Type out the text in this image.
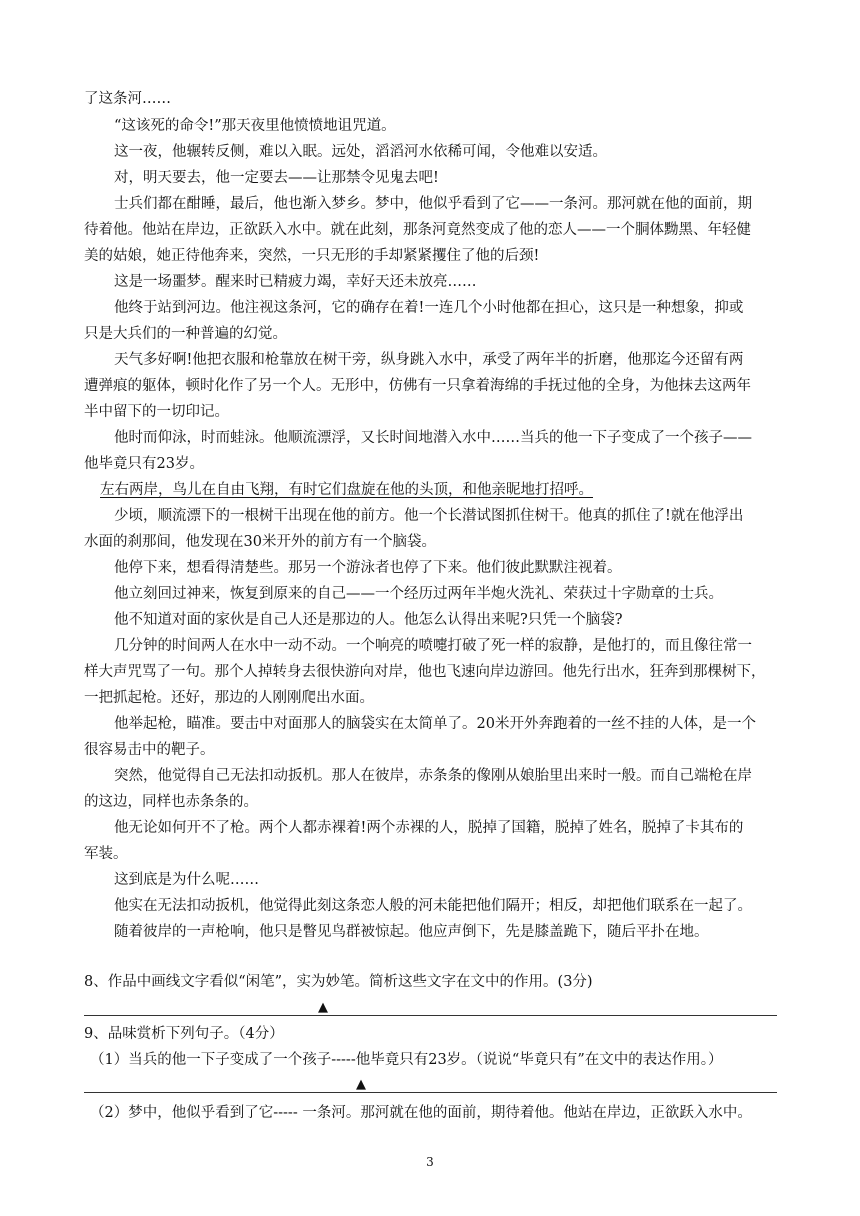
了这条河……
“这该死的命令!”那天夜里他愤愤地诅咒道。
这一夜，他辗转反侧，难以入眠。远处，滔滔河水依稀可闻，令他难以安适。
对，明天要去，他一定要去——让那禁令见鬼去吧!
士兵们都在酣睡，最后，他也渐入梦乡。梦中，他似乎看到了它——一条河。那河就在他的面前，期
待着他。他站在岸边，正欲跃入水中。就在此刻，那条河竟然变成了他的恋人——一个胴体黝黑、年轻健
美的姑娘，她正待他奔来，突然，一只无形的手却紧紧攫住了他的后颈!
这是一场噩梦。醒来时已精疲力竭，幸好天还未放亮……
他终于站到河边。他注视这条河，它的确存在着!一连几个小时他都在担心，这只是一种想象，抑或
只是大兵们的一种普遍的幻觉。
天气多好啊!他把衣服和枪靠放在树干旁，纵身跳入水中，承受了两年半的折磨，他那迄今还留有两
遭弹痕的躯体，顿时化作了另一个人。无形中，仿佛有一只拿着海绵的手抚过他的全身，为他抹去这两年
半中留下的一切印记。
他时而仰泳，时而蛙泳。他顺流漂浮，又长时间地潜入水中……当兵的他一下子变成了一个孩子——
他毕竟只有23岁。
左右两岸，鸟儿在自由飞翔，有时它们盘旋在他的头顶，和他亲昵地打招呼。
少顷，顺流漂下的一根树干出现在他的前方。他一个长潜试图抓住树干。他真的抓住了!就在他浮出
水面的刹那间，他发现在30米开外的前方有一个脑袋。
他停下来，想看得清楚些。那另一个游泳者也停了下来。他们彼此默默注视着。
他立刻回过神来，恢复到原来的自己——一个经历过两年半炮火洗礼、荣获过十字勋章的士兵。
他不知道对面的家伙是自己人还是那边的人。他怎么认得出来呢?只凭一个脑袋?
几分钟的时间两人在水中一动不动。一个响亮的喷嚏打破了死一样的寂静，是他打的，而且像往常一
样大声咒骂了一句。那个人掉转身去很快游向对岸，他也飞速向岸边游回。他先行出水，狂奔到那棵树下，
一把抓起枪。还好，那边的人刚刚爬出水面。
他举起枪，瞄准。要击中对面那人的脑袋实在太简单了。20米开外奔跑着的一丝不挂的人体，是一个
很容易击中的靶子。
突然，他觉得自己无法扣动扳机。那人在彼岸，赤条条的像刚从娘胎里出来时一般。而自己端枪在岸
的这边，同样也赤条条的。
他无论如何开不了枪。两个人都赤裸着!两个赤裸的人，脱掉了国籍，脱掉了姓名，脱掉了卡其布的
军装。
这到底是为什么呢……
他实在无法扣动扳机，他觉得此刻这条恋人般的河未能把他们隔开；相反，却把他们联系在一起了。
随着彼岸的一声枪响，他只是瞥见鸟群被惊起。他应声倒下，先是膝盖跪下，随后平扑在地。
8、作品中画线文字看似“闲笔”，实为妙笔。简析这些文字在文中的作用。(3分)
▲
9、品味赏析下列句子。（4分）
（1）当兵的他一下子变成了一个孩子-----他毕竟只有23岁。（说说“毕竟只有”在文中的表达作用。）
▲
（2）梦中，他似乎看到了它----- 一条河。那河就在他的面前，期待着他。他站在岸边，正欲跃入水中。
3
